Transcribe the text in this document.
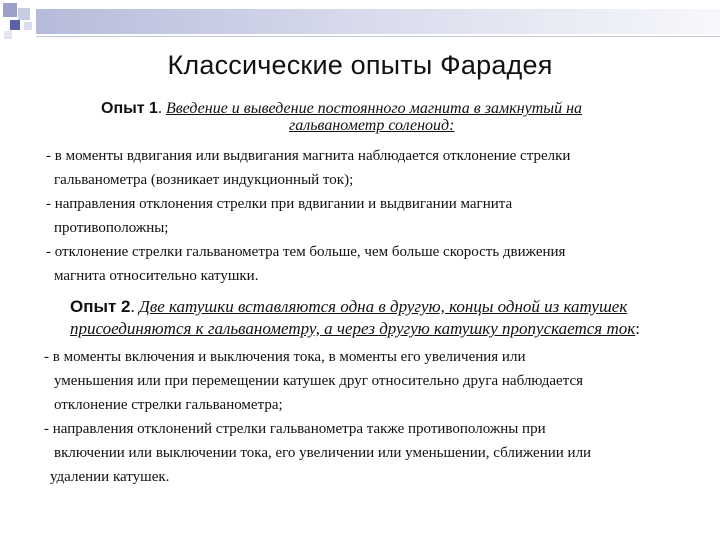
Классические опыты Фарадея
Опыт 1. Введение и выведение постоянного магнита в замкнутый на
гальванометр соленоид:
- в моменты вдвигания или выдвигания магнита наблюдается отклонение стрелки
гальванометра (возникает индукционный ток);
- направления отклонения стрелки при вдвигании и выдвигании магнита
противоположны;
- отклонение стрелки гальванометра тем больше, чем больше скорость движения
магнита относительно катушки.
Опыт 2. Две катушки вставляются одна в другую, концы одной из катушек
присоединяются к гальванометру, а через другую катушку пропускается ток:
- в моменты включения и выключения тока, в моменты его увеличения или
уменьшения или при перемещении катушек друг относительно друга наблюдается
отклонение стрелки гальванометра;
- направления отклонений стрелки гальванометра также противоположны при
включении или выключении тока, его увеличении или уменьшении, сближении или
удалении катушек.
